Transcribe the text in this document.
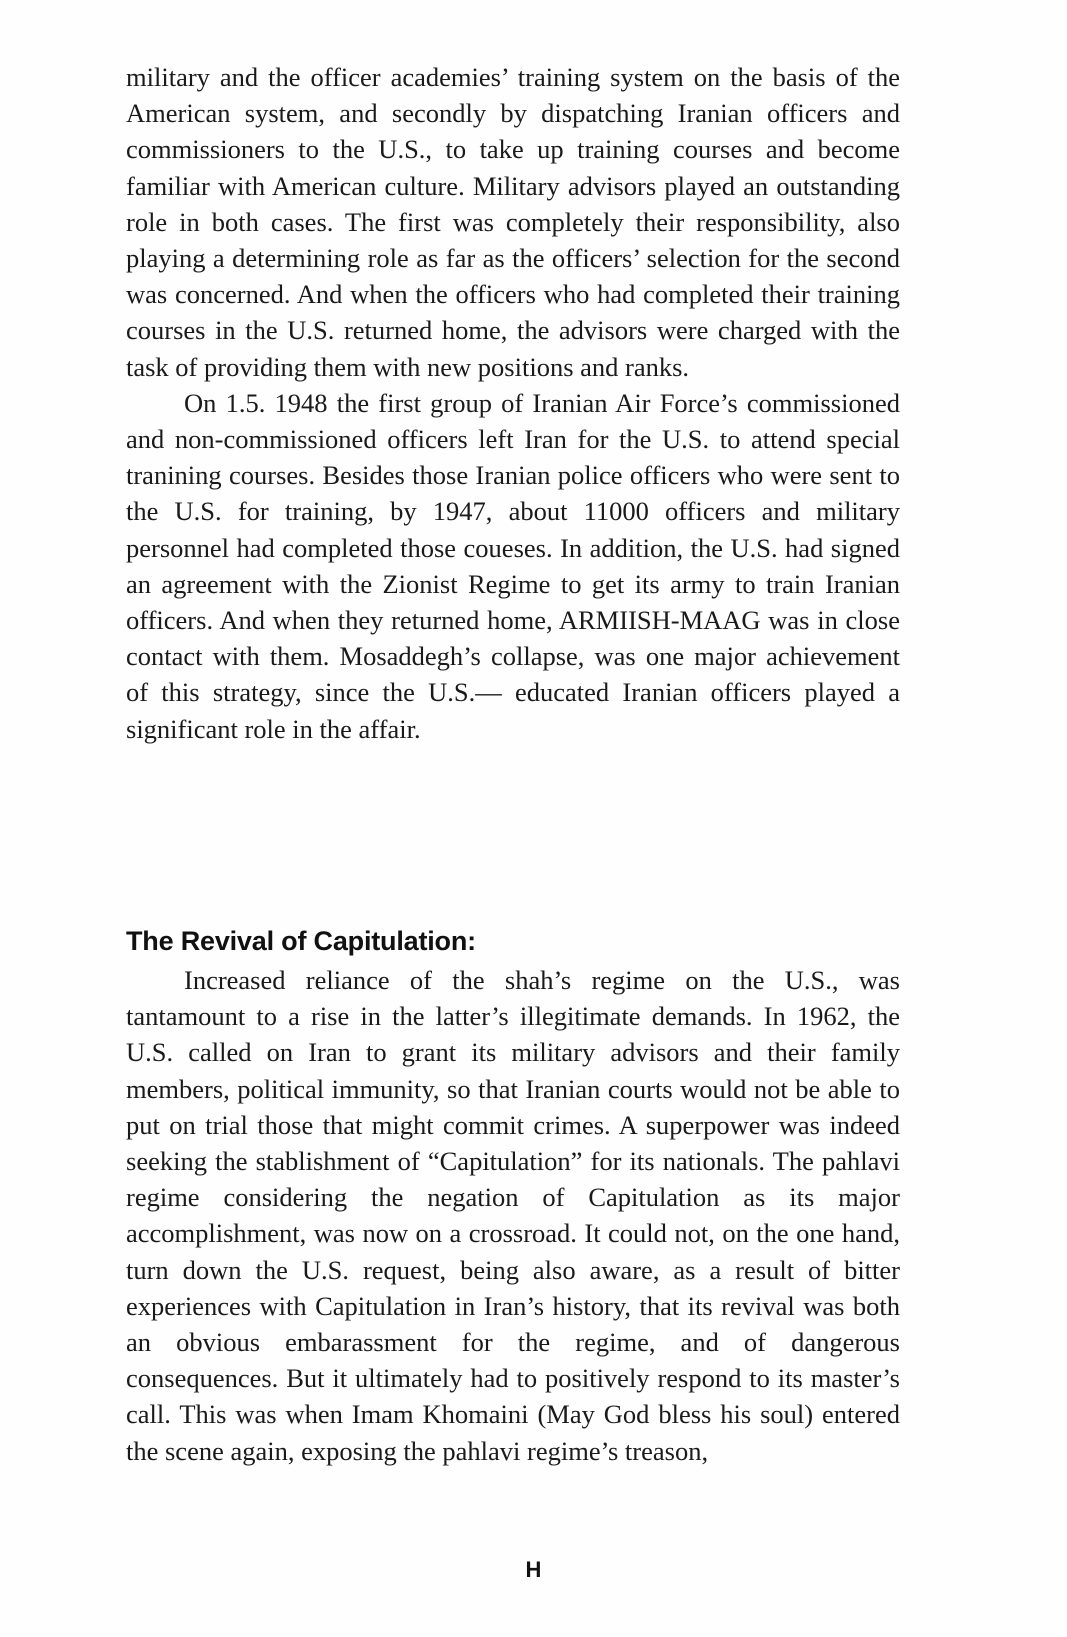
military and the officer academies’ training system on the basis of the American system, and secondly by dispatching Iranian officers and commissioners to the U.S., to take up training courses and become familiar with American culture. Military advisors played an outstanding role in both cases. The first was completely their responsibility, also playing a determining role as far as the officers’ selection for the second was concerned. And when the officers who had completed their training courses in the U.S. returned home, the advisors were charged with the task of providing them with new positions and ranks.

On 1.5. 1948 the first group of Iranian Air Force’s commissioned and non-commissioned officers left Iran for the U.S. to attend special tranining courses. Besides those Iranian police officers who were sent to the U.S. for training, by 1947, about 11000 officers and military personnel had completed those coueses. In addition, the U.S. had signed an agreement with the Zionist Regime to get its army to train Iranian officers. And when they returned home, ARMIISH-MAAG was in close contact with them. Mosaddegh’s collapse, was one major achievement of this strategy, since the U.S.— educated Iranian officers played a significant role in the affair.

The Revival of Capitulation:

Increased reliance of the shah’s regime on the U.S., was tantamount to a rise in the latter’s illegitimate demands. In 1962, the U.S. called on Iran to grant its military advisors and their family members, political immunity, so that Iranian courts would not be able to put on trial those that might commit crimes. A superpower was indeed seeking the stablishment of “Capitulation” for its nationals. The pahlavi regime considering the negation of Capitulation as its major accomplishment, was now on a crossroad. It could not, on the one hand, turn down the U.S. request, being also aware, as a result of bitter experiences with Capitulation in Iran’s history, that its revival was both an obvious embarassment for the regime, and of dangerous consequences. But it ultimately had to positively respond to its master’s call. This was when Imam Khomaini (May God bless his soul) entered the scene again, exposing the pahlavi regime’s treason,

H
